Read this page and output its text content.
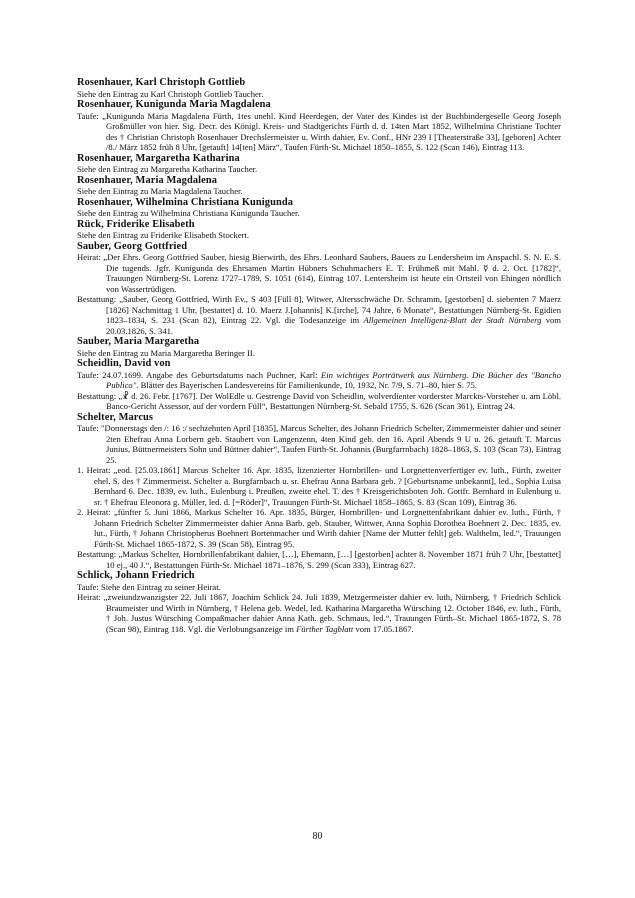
Rosenhauer, Karl Christoph Gottlieb
Siehe den Eintrag zu Karl Christoph Gottlieb Taucher.
Rosenhauer, Kunigunda Maria Magdalena

Taufe: „Kunigunda Maria Magdalena Fürth, 1tes unehl. Kind Heerdegen, der Vater des Kindes ist der Buchbindergeselle Georg Joseph Großmüller von hier. Sig. Decr. des Königl. Kreis- und Stadtgerichts Fürth d. d. 14ten Mart 1852, Wilhelmina Christiane Tochter des † Christian Christoph Rosenhauer Drechslermeister u. Wirth dahier, Ev. Conf., HNr 239 I [Theaterstraße 33], [geboren] Achter /8./ März 1852 früh 8 Uhr, [getauft] 14[ten] März“, Taufen Fürth-St. Michael 1850–1855, S. 122 (Scan 146), Eintrag 113.

Rosenhauer, Margaretha Katharina
Siehe den Eintrag zu Margaretha Katharina Taucher.
Rosenhauer, Maria Magdalena
Siehe den Eintrag zu Maria Magdalena Taucher.
Rosenhauer, Wilhelmina Christiana Kunigunda
Siehe den Eintrag zu Wilhelmina Christiana Kunigunda Taucher.
Rück, Friderike Elisabeth
Siehe den Eintrag zu Friderike Elisabeth Stockert.
Sauber, Georg Gottfried

Heirat: „Der Ehrs. Georg Gottfried Sauber, hiesig Bierwirth, des Ehrs. Leonhard Saubers, Bauers zu Lendersheim im Anspachl. S. N. E. S. Die tugends. Jgfr. Kunigunda des Ehrsamen Martin Hübners Schuhmachers E. T. Frühmeß mit Mahl. ☿ d. 2. Oct. [1782]“, Trauungen Nürnberg-St. Lorenz 1727–1789, S. 1051 (614), Eintrag 107. Lentersheim ist heute ein Ortsteil von Ehingen nördlich von Wassertrüdigen.

Bestattung: „Sauber, Georg Gottfried, Wirth Ev., S 403 [Füll 8], Witwer, Altersschwäche Dr. Schramm, [gestorben] d. siebenten 7 Maerz [1826] Nachmittag 1 Uhr, [bestattet] d. 10. Maerz J.[ohannis] K.[irche], 74 Jahre, 6 Monate“, Bestattungen Nürnberg-St. Egidien 1823–1834, S. 231 (Scan 82), Eintrag 22. Vgl. die Todesanzeige im Allgemeinen Intelligenz-Blatt der Stadt Nürnberg vom 20.03.1826, S. 341.

Sauber, Maria Margaretha
Siehe den Eintrag zu Maria Margaretha Beringer II.
Scheidlin, David von

Taufe: 24.07.1699. Angabe des Geburtsdatums nach Puchner, Karl: Ein wichtiges Porträtwerk aus Nürnberg. Die Bücher des "Bancho Publico". Blätter des Bayerischen Landesvereins für Familienkunde, 10, 1932, Nr. 7/9, S. 71–80, hier S. 75.

Bestattung: „☧ d. 26. Febr. [1767]. Der WolEdle u. Gestrenge David von Scheidlin, wolverdienter vorderster Marckts-Vorsteher u. am Löbl. Banco-Gericht Assessor, auf der vordern Füll“, Bestattungen Nürnberg-St. Sebald 1755, S. 626 (Scan 361), Eintrag 24.

Schelter, Marcus

Taufe: "Donnerstags den /: 16 :/ sechzehnten April [1835], Marcus Schelter, des Johann Friedrich Schelter, Zimmermeister dahier und seiner 2ten Ehefrau Anna Lorbern geb. Staubert von Langenzenn, 4ten Kind geb. den 16. April Abends 9 U u. 26. getauft T. Marcus Junius, Büttnermeisters Sohn und Büttner dahier“, Taufen Fürth-St. Johannis (Burgfarrnbach) 1828–1863, S. 103 (Scan 73), Eintrag 25.

1. Heirat: „eod. [25.03.1861] Marcus Schelter 16. Apr. 1835, lizenzierter Hornbrillen- und Lorgnettenverfertiger ev. luth., Fürth, zweiter ehel. S. des † Zimmermeist. Schelter a. Burgfarnbach u. sr. Ehefrau Anna Barbara geb. ? [Geburtsname unbekannt], led., Sophia Luisa Bernhard 6. Dec. 1839, ev. luth., Eulenburg i. Preußen, zweite ehel. T. des † Kreisgerichtsboten Joh. Gottfr. Bernhard in Eulenburg u. sr. † Ehefrau Eleonora g. Müller, led. d. [=Röder]“, Trauungen Fürth-St. Michael 1858–1865, S. 83 (Scan 109), Eintrag 36.

2. Heirat: „fünfter 5. Juni 1866, Markus Schelter 16. Apr. 1835, Bürger, Hornbrillen- und Lorgnettenfabrikant dahier ev. luth., Fürth, † Johann Friedrich Schelter Zimmermeister dahier Anna Barb. geb. Stauber, Wittwer, Anna Sophia Dorothea Boehnert 2. Dec. 1835, ev. lut., Fürth, † Johann Christopherus Boehnert Bortenmacher und Wirth dahier [Name der Mutter fehlt] geb. Walthelm, led.“, Trauungen Fürth-St. Michael 1865-1872, S. 39 (Scan 58), Eintrag 95.

Bestattung: „Markus Schelter, Hornbrillenfabrikant dahier, […], Ehemann, […] [gestorben] achter 8. November 1871 früh 7 Uhr, [bestattet] 10 ej., 40 J.“, Bestattungen Fürth-St. Michael 1871–1876, S. 299 (Scan 333), Eintrag 627.

Schlick, Johann Friedrich

Taufe: Siehe den Eintrag zu seiner Heirat.

Heirat: „zweiundzwanzigster 22. Juli 1867, Joachim Schlick 24. Juli 1839, Metzgermeister dahier ev. luth, Nürnberg, † Friedrich Schlick Braumeister und Wirth in Nürnberg, † Helena geb. Wedel, led. Katharina Margaretha Würsching 12. October 1846, ev. luth., Fürth, † Joh. Justus Würsching Compaßmacher dahier Anna Kath. geb. Schmaus, led.“, Trauungen Fürth–St. Michael 1865-1872, S. 78 (Scan 98), Eintrag 118. Vgl. die Verlobungsanzeige im Fürther Tagblatt vom 17.05.1867.

80
